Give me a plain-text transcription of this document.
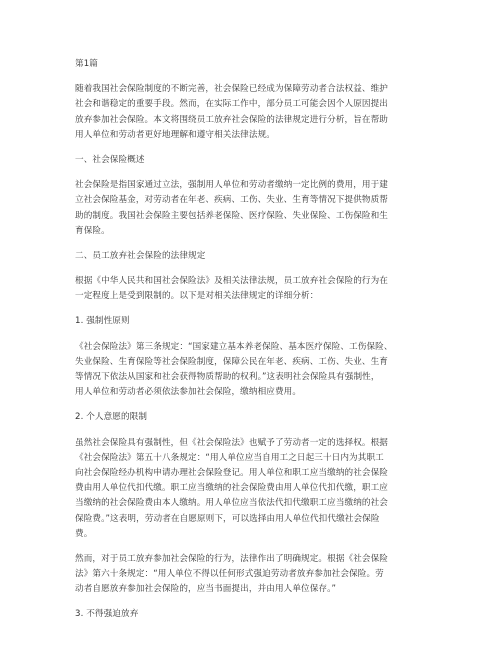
第1篇
随着我国社会保险制度的不断完善，社会保险已经成为保障劳动者合法权益、维护
社会和谐稳定的重要手段。然而，在实际工作中，部分员工可能会因个人原因提出
放弃参加社会保险。本文将围绕员工放弃社会保险的法律规定进行分析，旨在帮助
用人单位和劳动者更好地理解和遵守相关法律法规。
一、社会保险概述
社会保险是指国家通过立法，强制用人单位和劳动者缴纳一定比例的费用，用于建
立社会保险基金，对劳动者在年老、疾病、工伤、失业、生育等情况下提供物质帮
助的制度。我国社会保险主要包括养老保险、医疗保险、失业保险、工伤保险和生
育保险。
二、员工放弃社会保险的法律规定
根据《中华人民共和国社会保险法》及相关法律法规，员工放弃社会保险的行为在
一定程度上是受到限制的。以下是对相关法律规定的详细分析：
1. 强制性原则
《社会保险法》第三条规定：“国家建立基本养老保险、基本医疗保险、工伤保险、
失业保险、生育保险等社会保险制度，保障公民在年老、疾病、工伤、失业、生育
等情况下依法从国家和社会获得物质帮助的权利。”这表明社会保险具有强制性，
用人单位和劳动者必须依法参加社会保险，缴纳相应费用。
2. 个人意愿的限制
虽然社会保险具有强制性，但《社会保险法》也赋予了劳动者一定的选择权。根据
《社会保险法》第五十八条规定：“用人单位应当自用工之日起三十日内为其职工
向社会保险经办机构申请办理社会保险登记。用人单位和职工应当缴纳的社会保险
费由用人单位代扣代缴。职工应当缴纳的社会保险费由用人单位代扣代缴，职工应
当缴纳的社会保险费由本人缴纳。用人单位应当依法代扣代缴职工应当缴纳的社会
保险费。”这表明，劳动者在自愿原则下，可以选择由用人单位代扣代缴社会保险
费。
然而，对于员工放弃参加社会保险的行为，法律作出了明确规定。根据《社会保险
法》第六十条规定：“用人单位不得以任何形式强迫劳动者放弃参加社会保险。劳
动者自愿放弃参加社会保险的，应当书面提出，并由用人单位保存。”
3. 不得强迫放弃
